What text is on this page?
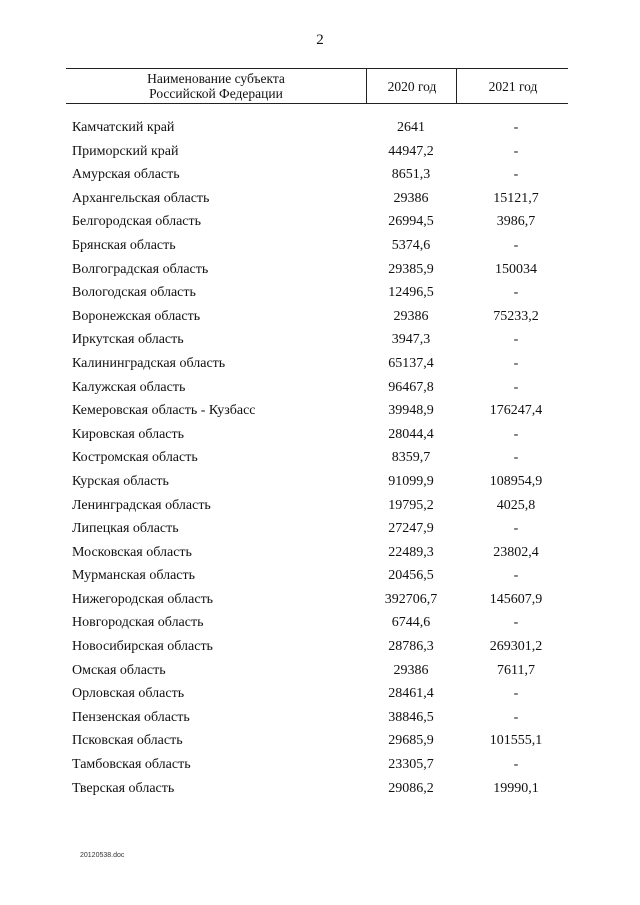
2
Наименование субъекта
Российской Федерации	2020 год	2021 год
Камчатский край	2641	-
Приморский край	44947,2	-
Амурская область	8651,3	-
Архангельская область	29386	15121,7
Белгородская область	26994,5	3986,7
Брянская область	5374,6	-
Волгоградская область	29385,9	150034
Вологодская область	12496,5	-
Воронежская область	29386	75233,2
Иркутская область	3947,3	-
Калининградская область	65137,4	-
Калужская область	96467,8	-
Кемеровская область - Кузбасс	39948,9	176247,4
Кировская область	28044,4	-
Костромская область	8359,7	-
Курская область	91099,9	108954,9
Ленинградская область	19795,2	4025,8
Липецкая область	27247,9	-
Московская область	22489,3	23802,4
Мурманская область	20456,5	-
Нижегородская область	392706,7	145607,9
Новгородская область	6744,6	-
Новосибирская область	28786,3	269301,2
Омская область	29386	7611,7
Орловская область	28461,4	-
Пензенская область	38846,5	-
Псковская область	29685,9	101555,1
Тамбовская область	23305,7	-
Тверская область	29086,2	19990,1
20120538.doc
